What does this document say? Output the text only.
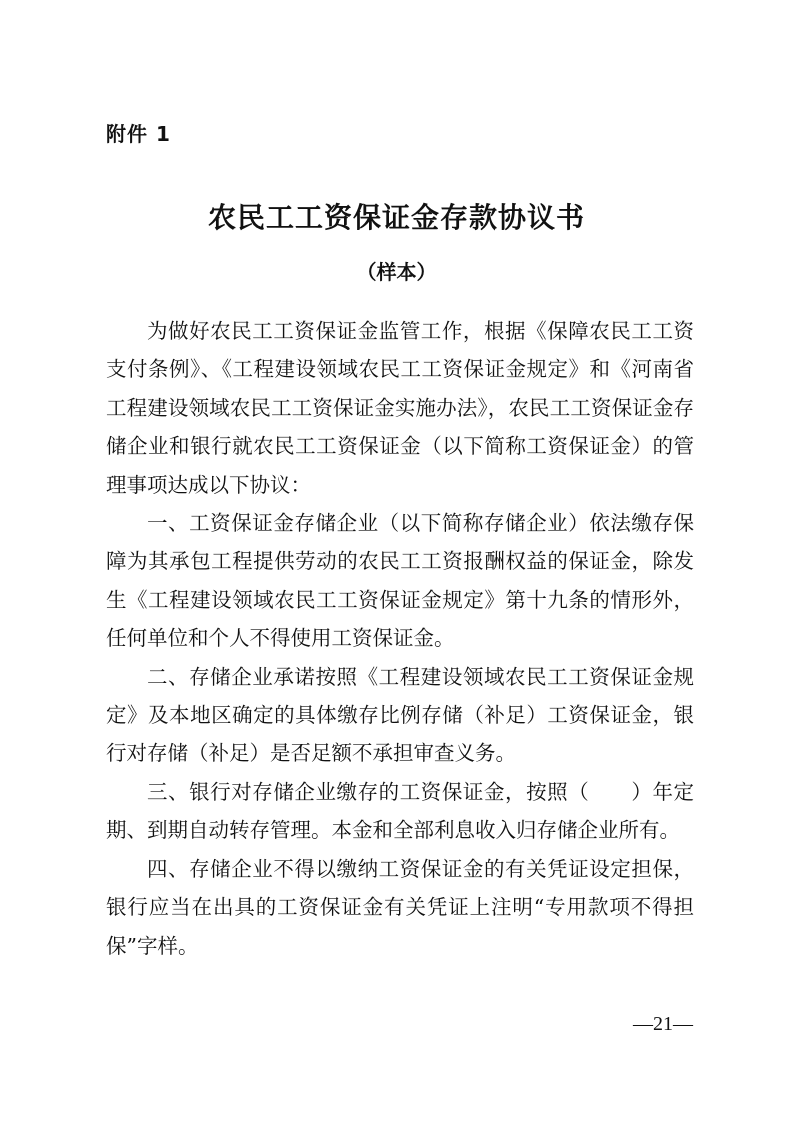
附件 1
农民工工资保证金存款协议书
（样本）

为做好农民工工资保证金监管工作，根据《保障农民工工资支付条例》、《工程建设领域农民工工资保证金规定》和《河南省工程建设领域农民工工资保证金实施办法》，农民工工资保证金存储企业和银行就农民工工资保证金（以下简称工资保证金）的管理事项达成以下协议：

一、工资保证金存储企业（以下简称存储企业）依法缴存保障为其承包工程提供劳动的农民工工资报酬权益的保证金，除发生《工程建设领域农民工工资保证金规定》第十九条的情形外，任何单位和个人不得使用工资保证金。

二、存储企业承诺按照《工程建设领域农民工工资保证金规定》及本地区确定的具体缴存比例存储（补足）工资保证金，银行对存储（补足）是否足额不承担审查义务。

三、银行对存储企业缴存的工资保证金，按照（　　）年定期、到期自动转存管理。本金和全部利息收入归存储企业所有。

四、存储企业不得以缴纳工资保证金的有关凭证设定担保，银行应当在出具的工资保证金有关凭证上注明“专用款项不得担保”字样。

—21—
